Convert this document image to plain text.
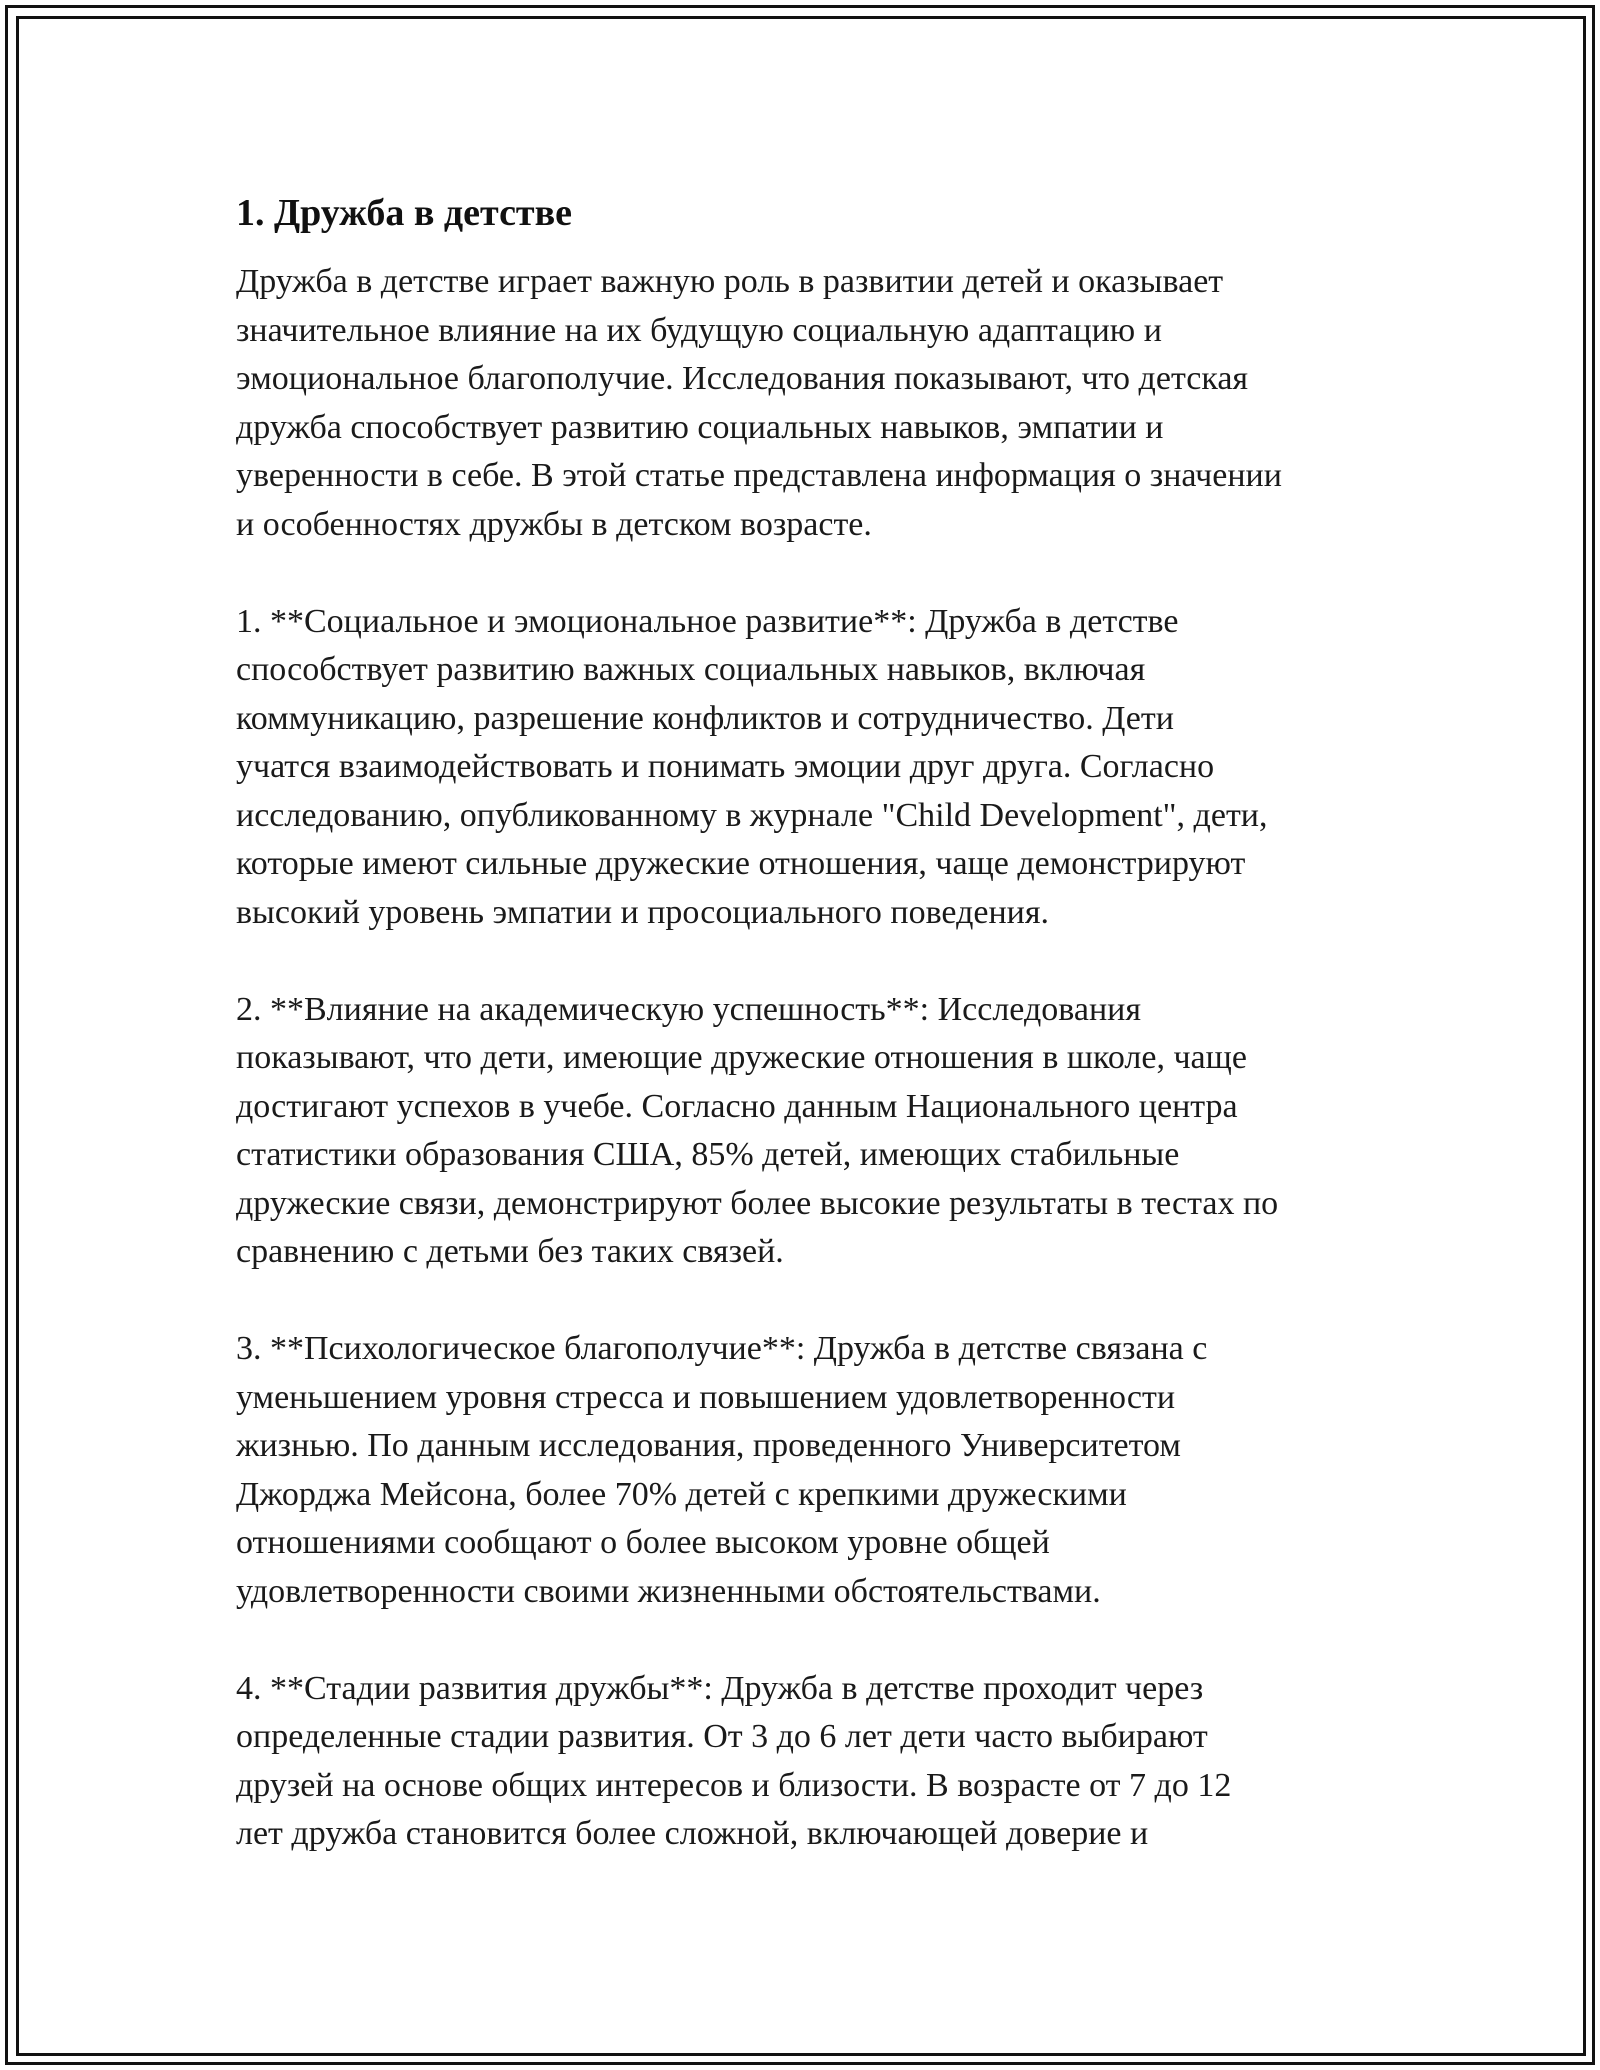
1. Дружба в детстве

Дружба в детстве играет важную роль в развитии детей и оказывает
значительное влияние на их будущую социальную адаптацию и
эмоциональное благополучие. Исследования показывают, что детская
дружба способствует развитию социальных навыков, эмпатии и
уверенности в себе. В этой статье представлена информация о значении
и особенностях дружбы в детском возрасте.

1. **Социальное и эмоциональное развитие**: Дружба в детстве
способствует развитию важных социальных навыков, включая
коммуникацию, разрешение конфликтов и сотрудничество. Дети
учатся взаимодействовать и понимать эмоции друг друга. Согласно
исследованию, опубликованному в журнале "Child Development", дети,
которые имеют сильные дружеские отношения, чаще демонстрируют
высокий уровень эмпатии и просоциального поведения.

2. **Влияние на академическую успешность**: Исследования
показывают, что дети, имеющие дружеские отношения в школе, чаще
достигают успехов в учебе. Согласно данным Национального центра
статистики образования США, 85% детей, имеющих стабильные
дружеские связи, демонстрируют более высокие результаты в тестах по
сравнению с детьми без таких связей.

3. **Психологическое благополучие**: Дружба в детстве связана с
уменьшением уровня стресса и повышением удовлетворенности
жизнью. По данным исследования, проведенного Университетом
Джорджа Мейсона, более 70% детей с крепкими дружескими
отношениями сообщают о более высоком уровне общей
удовлетворенности своими жизненными обстоятельствами.

4. **Стадии развития дружбы**: Дружба в детстве проходит через
определенные стадии развития. От 3 до 6 лет дети часто выбирают
друзей на основе общих интересов и близости. В возрасте от 7 до 12
лет дружба становится более сложной, включающей доверие и
